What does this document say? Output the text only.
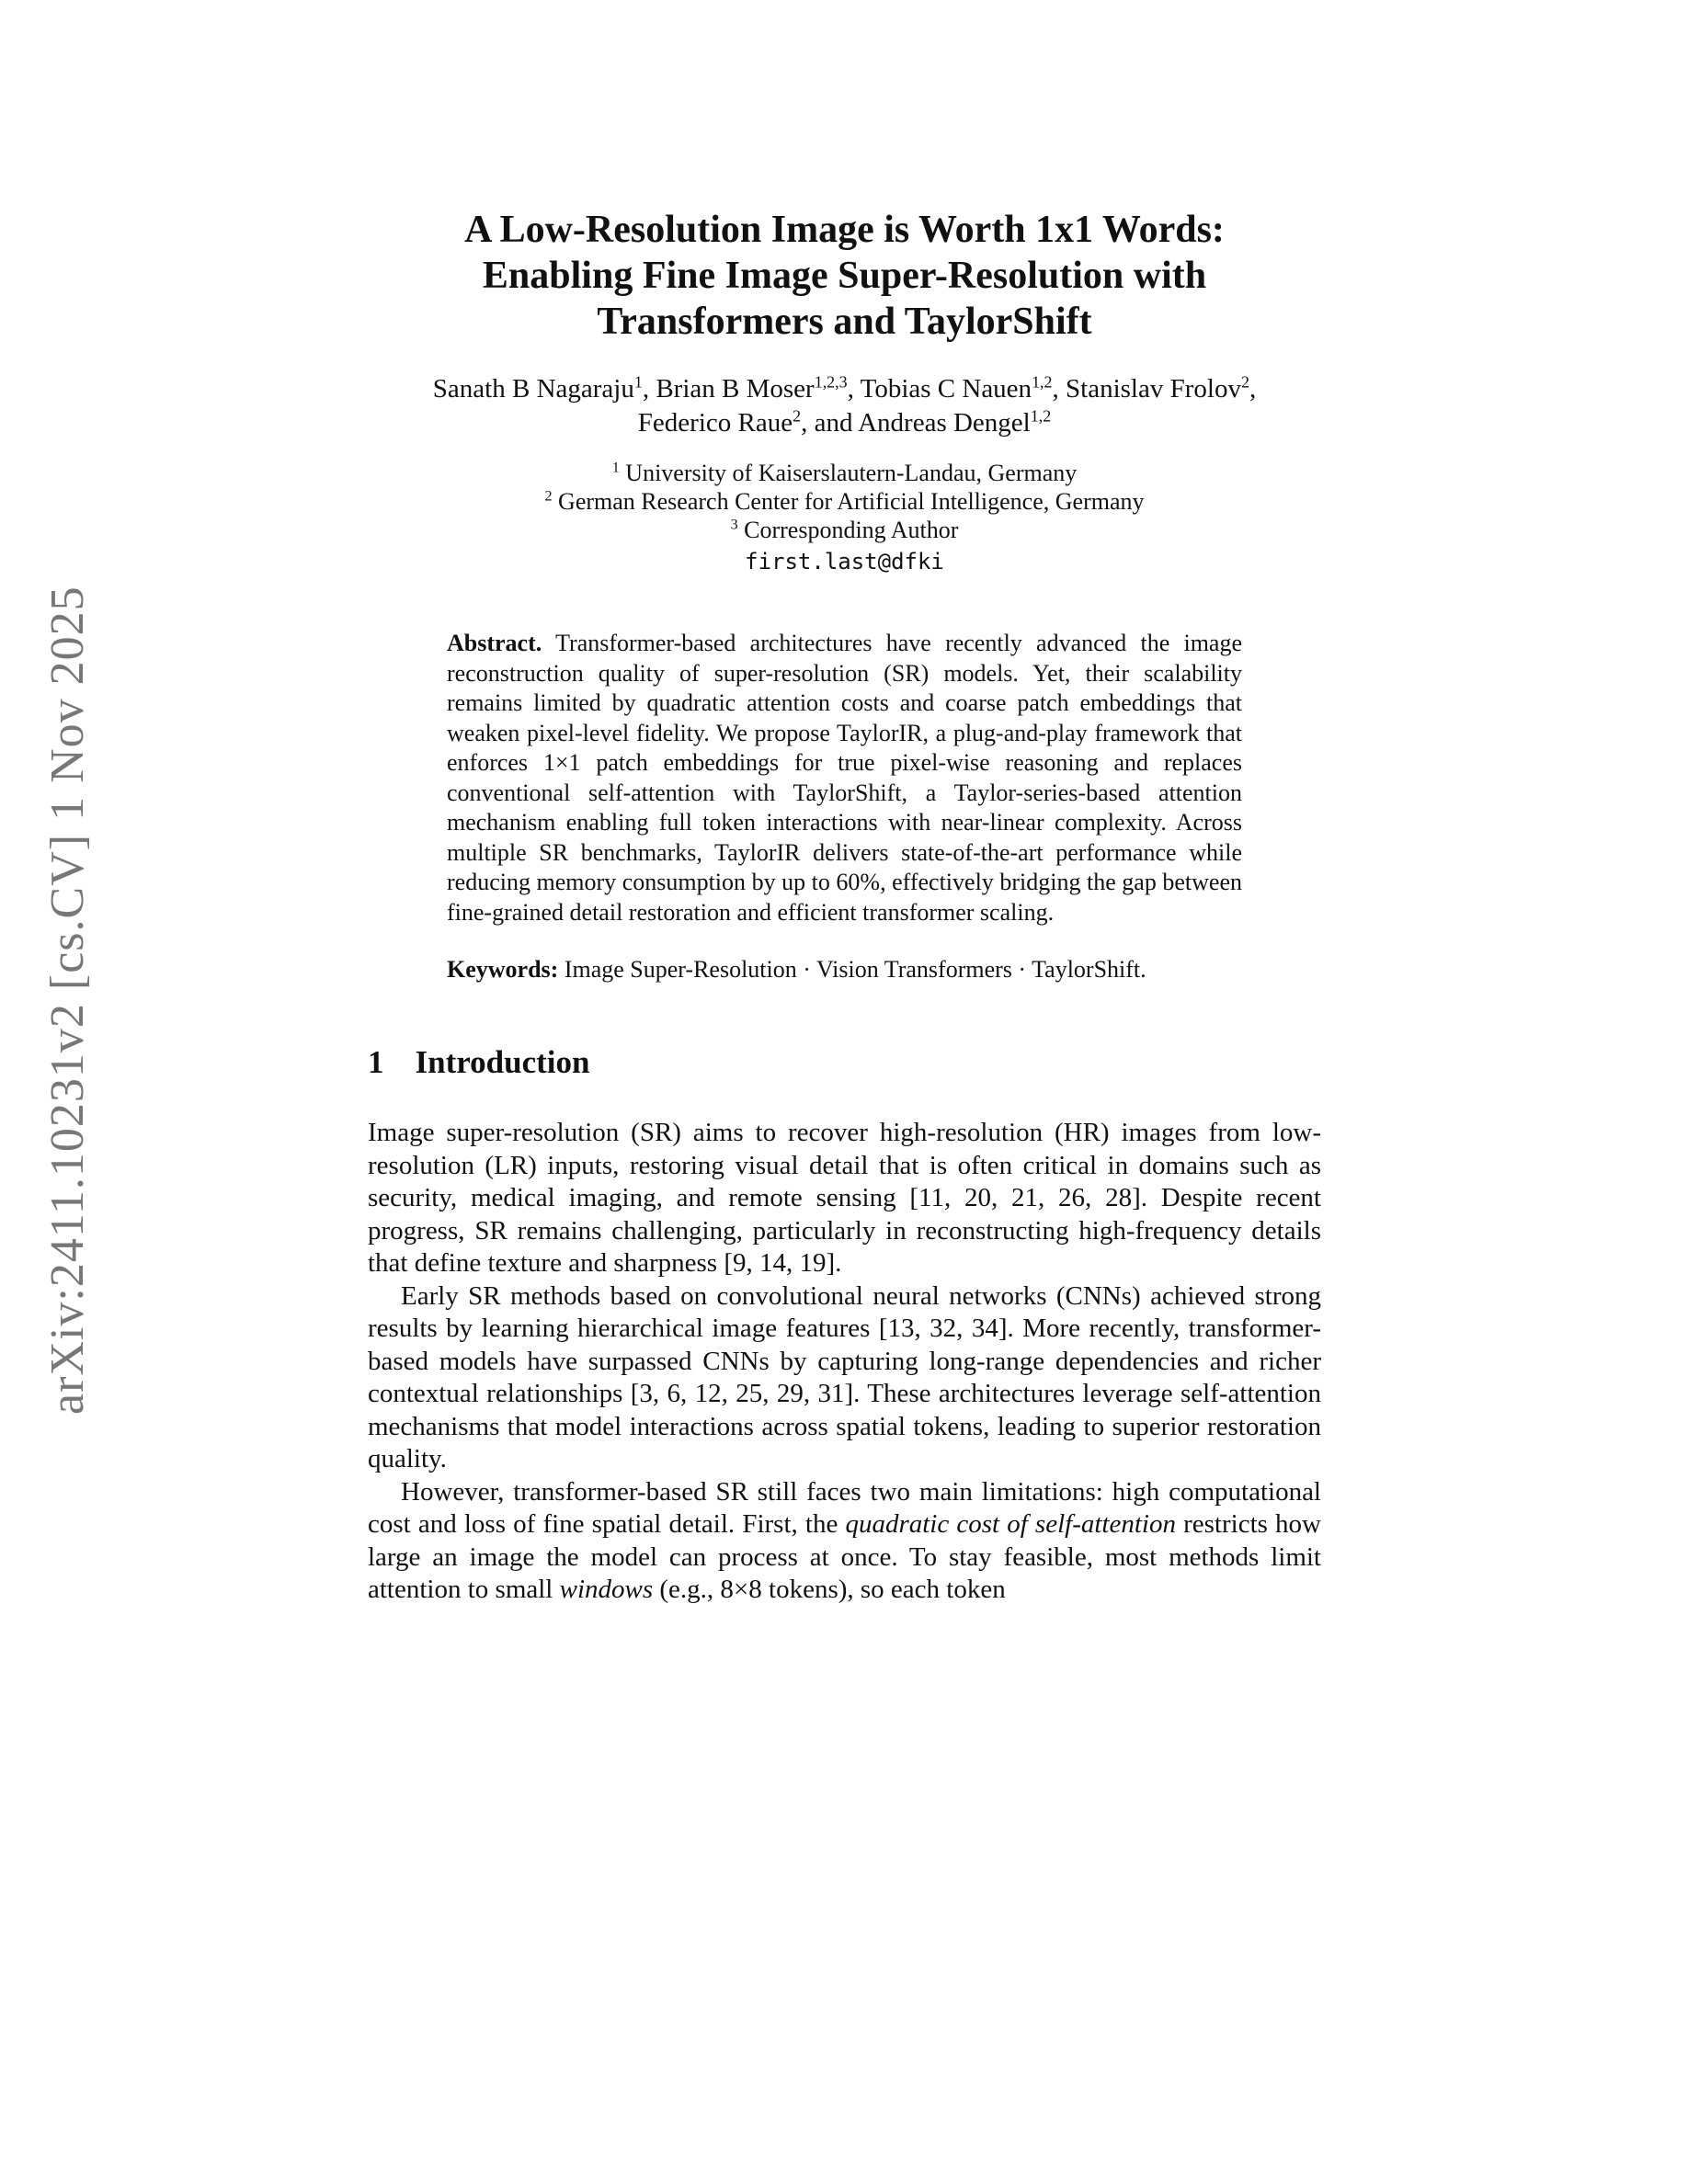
arXiv:2411.10231v2 [cs.CV] 1 Nov 2025
A Low-Resolution Image is Worth 1x1 Words:
Enabling Fine Image Super-Resolution with
Transformers and TaylorShift
Sanath B Nagaraju$^1$, Brian B Moser$^{1,2,3}$, Tobias C Nauen$^{1,2}$, Stanislav Frolov$^2$,
Federico Raue$^2$, and Andreas Dengel$^{1,2}$
$^1$ University of Kaiserslautern-Landau, Germany
$^2$ German Research Center for Artificial Intelligence, Germany
$^3$ Corresponding Author
first.last@dfki

Abstract. Transformer-based architectures have recently advanced the image reconstruction quality of super-resolution (SR) models. Yet, their scalability remains limited by quadratic attention costs and coarse patch embeddings that weaken pixel-level fidelity. We propose TaylorIR, a plug-and-play framework that enforces 1×1 patch embeddings for true pixel-wise reasoning and replaces conventional self-attention with TaylorShift, a Taylor-series-based attention mechanism enabling full token interactions with near-linear complexity. Across multiple SR benchmarks, TaylorIR delivers state-of-the-art performance while reducing memory consumption by up to 60%, effectively bridging the gap between fine-grained detail restoration and efficient transformer scaling.

Keywords: Image Super-Resolution · Vision Transformers · TaylorShift.

1 Introduction

Image super-resolution (SR) aims to recover high-resolution (HR) images from low-resolution (LR) inputs, restoring visual detail that is often critical in domains such as security, medical imaging, and remote sensing [11, 20, 21, 26, 28]. Despite recent progress, SR remains challenging, particularly in reconstructing high-frequency details that define texture and sharpness [9, 14, 19].

Early SR methods based on convolutional neural networks (CNNs) achieved strong results by learning hierarchical image features [13, 32, 34]. More recently, transformer-based models have surpassed CNNs by capturing long-range dependencies and richer contextual relationships [3, 6, 12, 25, 29, 31]. These architectures leverage self-attention mechanisms that model interactions across spatial tokens, leading to superior restoration quality.

However, transformer-based SR still faces two main limitations: high computational cost and loss of fine spatial detail. First, the quadratic cost of self-attention restricts how large an image the model can process at once. To stay feasible, most methods limit attention to small windows (e.g., 8×8 tokens), so each token
